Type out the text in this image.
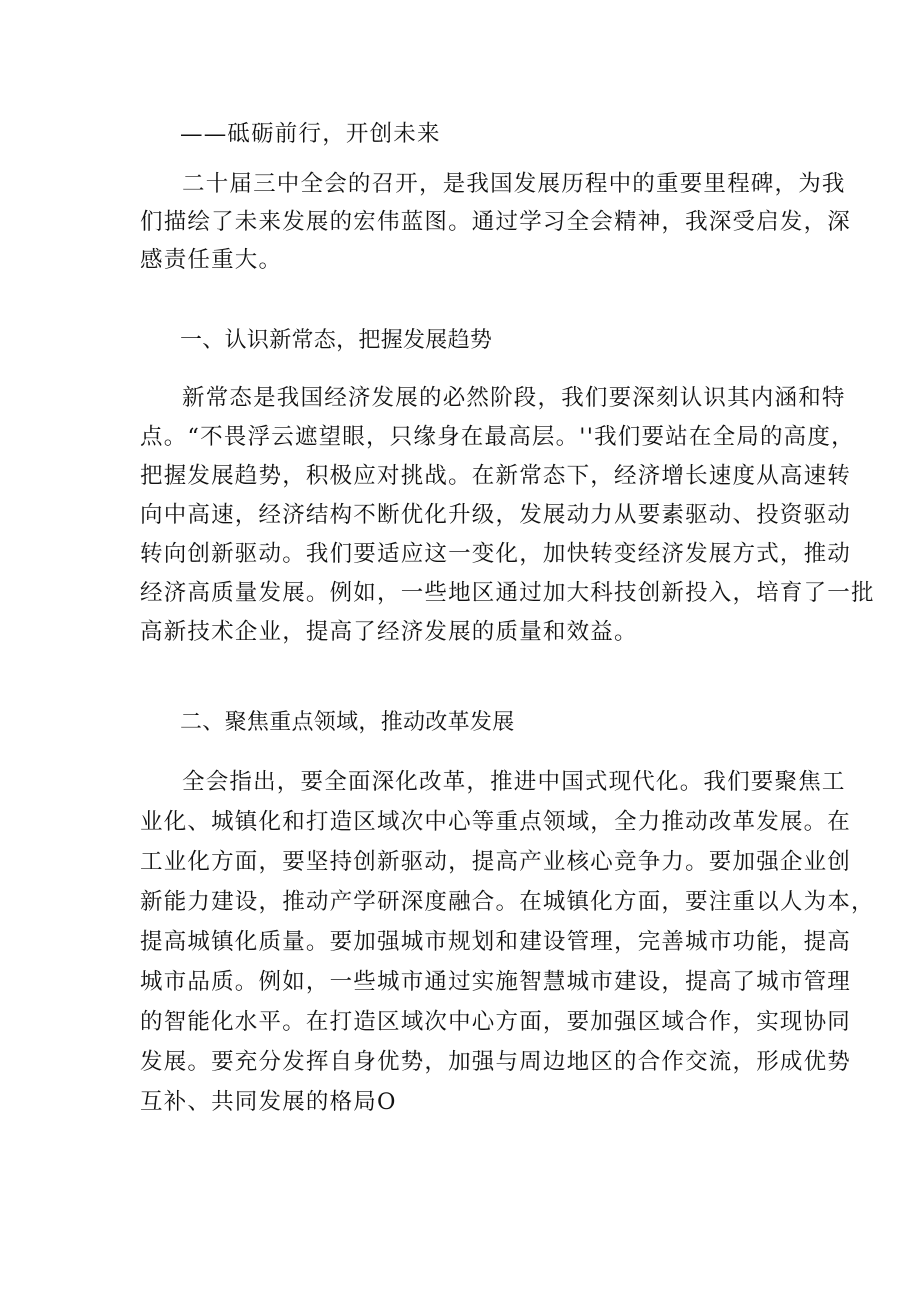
——砥砺前行，开创未来
二十届三中全会的召开，是我国发展历程中的重要里程碑，为我
们描绘了未来发展的宏伟蓝图。通过学习全会精神，我深受启发，深
感责任重大。
一、认识新常态，把握发展趋势
新常态是我国经济发展的必然阶段，我们要深刻认识其内涵和特
点。“不畏浮云遮望眼，只缘身在最高层。''我们要站在全局的高度，
把握发展趋势，积极应对挑战。在新常态下，经济增长速度从高速转
向中高速，经济结构不断优化升级，发展动力从要素驱动、投资驱动
转向创新驱动。我们要适应这一变化，加快转变经济发展方式，推动
经济高质量发展。例如，一些地区通过加大科技创新投入，培育了一批
高新技术企业，提高了经济发展的质量和效益。
二、聚焦重点领域，推动改革发展
全会指出，要全面深化改革，推进中国式现代化。我们要聚焦工
业化、城镇化和打造区域次中心等重点领域，全力推动改革发展。在
工业化方面，要坚持创新驱动，提高产业核心竞争力。要加强企业创
新能力建设，推动产学研深度融合。在城镇化方面，要注重以人为本，
提高城镇化质量。要加强城市规划和建设管理，完善城市功能，提高
城市品质。例如，一些城市通过实施智慧城市建设，提高了城市管理
的智能化水平。在打造区域次中心方面，要加强区域合作，实现协同
发展。要充分发挥自身优势，加强与周边地区的合作交流，形成优势
互补、共同发展的格局O
